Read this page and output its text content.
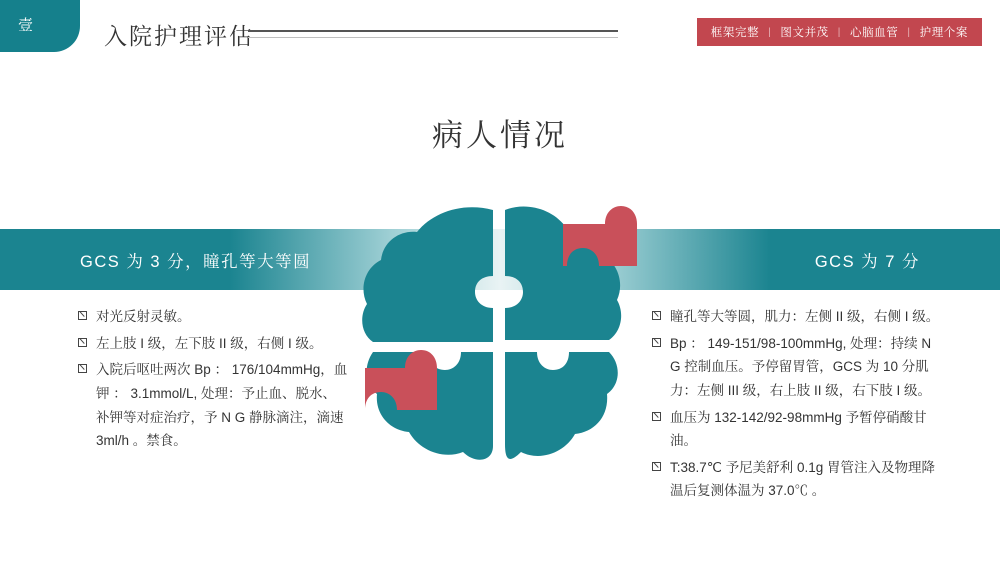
壹	入院护理评估	框架完整 | 图文并茂 | 心脑血管 | 护理个案
病人情况
GCS 为 3 分，瞳孔等大等圆	GCS 为 7 分
对光反射灵敏。
左上肢 I 级，左下肢 II 级，右侧 I 级。
入院后呕吐两次 Bp ： 176/104mmHg，血钾 ： 3.1mmol/L, 处理：予止血、脱水、补钾等对症治疗，予 N G 静脉滴注，滴速 3ml/h 。禁食。
瞳孔等大等圆，肌力：左侧 II 级，右侧 I 级。
Bp ： 149-151/98-100mmHg, 处理：持续 N G 控制血压。予停留胃管，GCS 为 10 分肌力：左侧 III 级，右上肢 II 级，右下肢 I 级。
血压为 132-142/92-98mmHg 予暂停硝酸甘油。
T:38.7℃ 予尼美舒利 0.1g 胃管注入及物理降温后复测体温为 37.0℃ 。
